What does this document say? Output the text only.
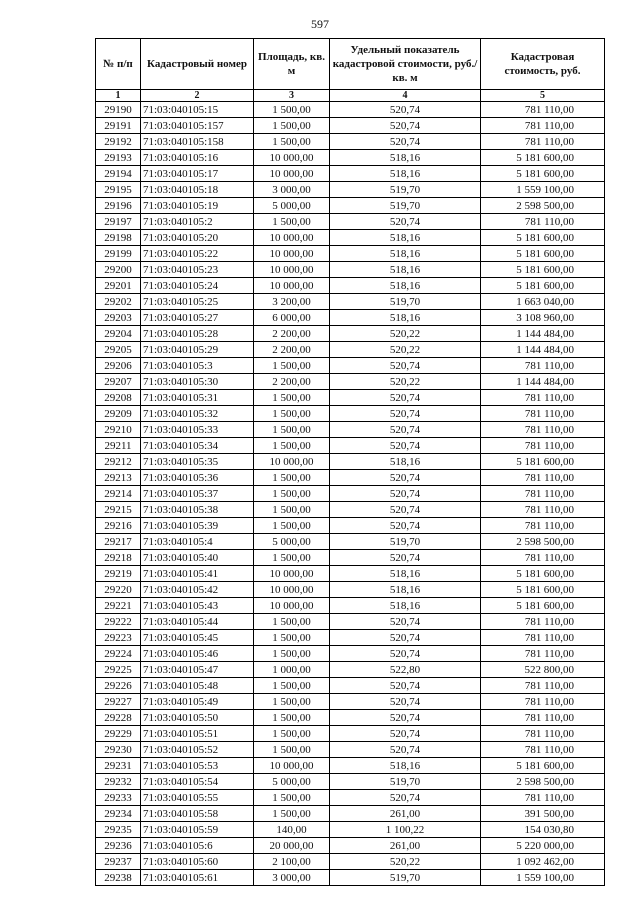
597
№ п/п	Кадастровый номер	Площадь, кв. м	Удельный показатель кадастровой стоимости, руб./кв. м	Кадастровая стоимость, руб.
1	2	3	4	5
29190	71:03:040105:15	1 500,00	520,74	781 110,00
29191	71:03:040105:157	1 500,00	520,74	781 110,00
29192	71:03:040105:158	1 500,00	520,74	781 110,00
29193	71:03:040105:16	10 000,00	518,16	5 181 600,00
29194	71:03:040105:17	10 000,00	518,16	5 181 600,00
29195	71:03:040105:18	3 000,00	519,70	1 559 100,00
29196	71:03:040105:19	5 000,00	519,70	2 598 500,00
29197	71:03:040105:2	1 500,00	520,74	781 110,00
29198	71:03:040105:20	10 000,00	518,16	5 181 600,00
29199	71:03:040105:22	10 000,00	518,16	5 181 600,00
29200	71:03:040105:23	10 000,00	518,16	5 181 600,00
29201	71:03:040105:24	10 000,00	518,16	5 181 600,00
29202	71:03:040105:25	3 200,00	519,70	1 663 040,00
29203	71:03:040105:27	6 000,00	518,16	3 108 960,00
29204	71:03:040105:28	2 200,00	520,22	1 144 484,00
29205	71:03:040105:29	2 200,00	520,22	1 144 484,00
29206	71:03:040105:3	1 500,00	520,74	781 110,00
29207	71:03:040105:30	2 200,00	520,22	1 144 484,00
29208	71:03:040105:31	1 500,00	520,74	781 110,00
29209	71:03:040105:32	1 500,00	520,74	781 110,00
29210	71:03:040105:33	1 500,00	520,74	781 110,00
29211	71:03:040105:34	1 500,00	520,74	781 110,00
29212	71:03:040105:35	10 000,00	518,16	5 181 600,00
29213	71:03:040105:36	1 500,00	520,74	781 110,00
29214	71:03:040105:37	1 500,00	520,74	781 110,00
29215	71:03:040105:38	1 500,00	520,74	781 110,00
29216	71:03:040105:39	1 500,00	520,74	781 110,00
29217	71:03:040105:4	5 000,00	519,70	2 598 500,00
29218	71:03:040105:40	1 500,00	520,74	781 110,00
29219	71:03:040105:41	10 000,00	518,16	5 181 600,00
29220	71:03:040105:42	10 000,00	518,16	5 181 600,00
29221	71:03:040105:43	10 000,00	518,16	5 181 600,00
29222	71:03:040105:44	1 500,00	520,74	781 110,00
29223	71:03:040105:45	1 500,00	520,74	781 110,00
29224	71:03:040105:46	1 500,00	520,74	781 110,00
29225	71:03:040105:47	1 000,00	522,80	522 800,00
29226	71:03:040105:48	1 500,00	520,74	781 110,00
29227	71:03:040105:49	1 500,00	520,74	781 110,00
29228	71:03:040105:50	1 500,00	520,74	781 110,00
29229	71:03:040105:51	1 500,00	520,74	781 110,00
29230	71:03:040105:52	1 500,00	520,74	781 110,00
29231	71:03:040105:53	10 000,00	518,16	5 181 600,00
29232	71:03:040105:54	5 000,00	519,70	2 598 500,00
29233	71:03:040105:55	1 500,00	520,74	781 110,00
29234	71:03:040105:58	1 500,00	261,00	391 500,00
29235	71:03:040105:59	140,00	1 100,22	154 030,80
29236	71:03:040105:6	20 000,00	261,00	5 220 000,00
29237	71:03:040105:60	2 100,00	520,22	1 092 462,00
29238	71:03:040105:61	3 000,00	519,70	1 559 100,00
